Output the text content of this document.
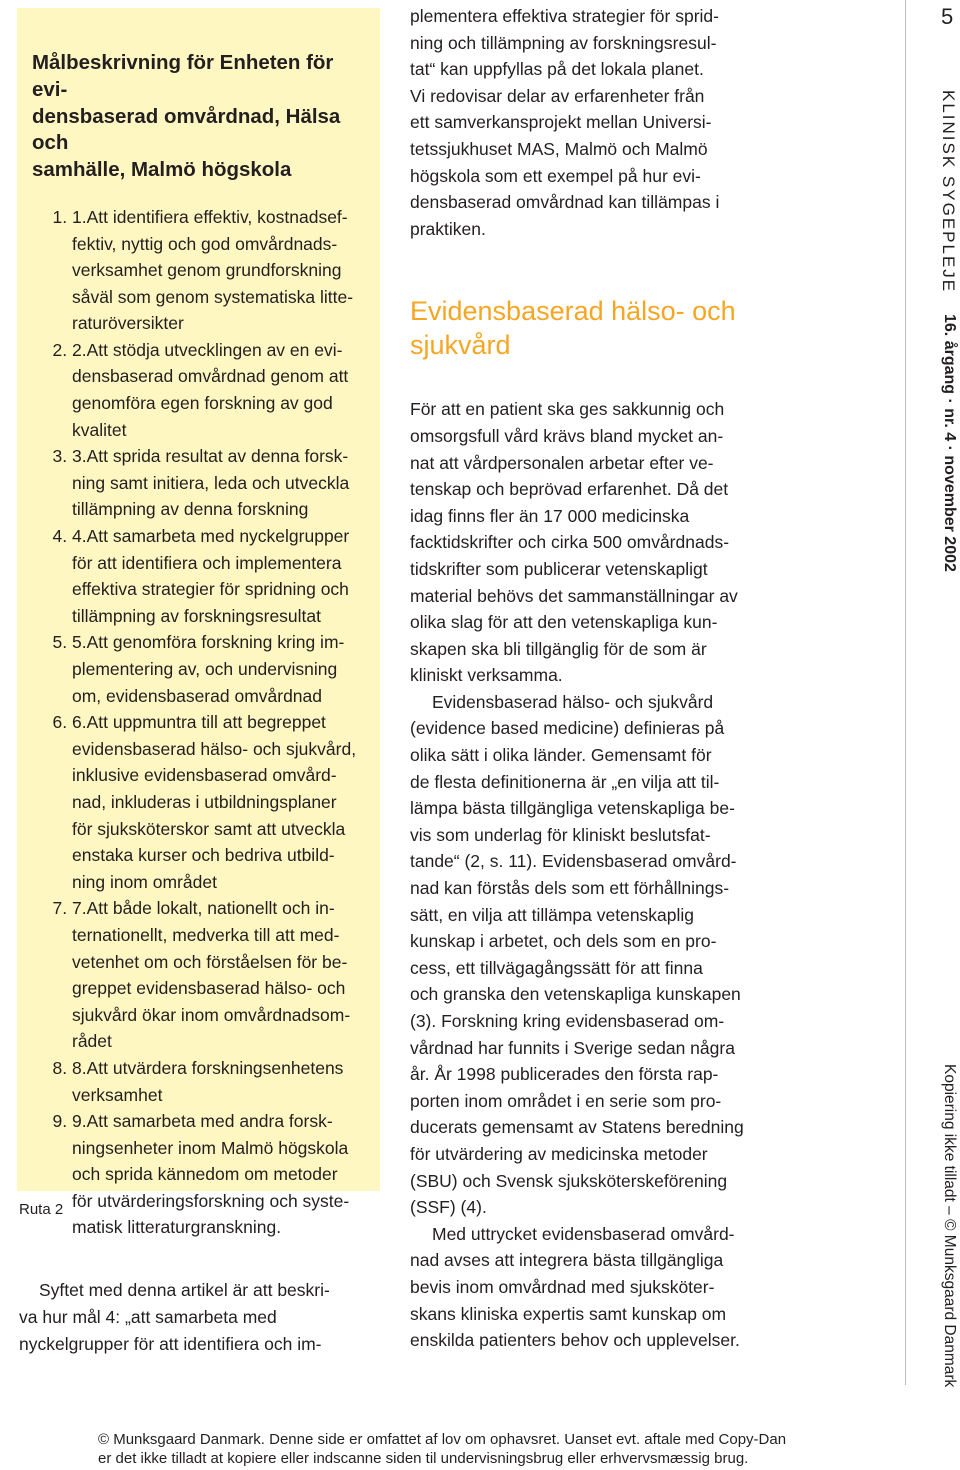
Målbeskrivning för Enheten för evi-
densbaserad omvårdnad, Hälsa och
samhälle, Malmö högskola
1. 1.Att identifiera effektiv, kostnadsef-
fektiv, nyttig och god omvårdnads-
verksamhet genom grundforskning
såväl som genom systematiska litte-
raturöversikter
2. 2.Att stödja utvecklingen av en evi-
densbaserad omvårdnad genom att
genomföra egen forskning av god
kvalitet
3. 3.Att sprida resultat av denna forsk-
ning samt initiera, leda och utveckla
tillämpning av denna forskning
4. 4.Att samarbeta med nyckelgrupper
för att identifiera och implementera
effektiva strategier för spridning och
tillämpning av forskningsresultat
5. 5.Att genomföra forskning kring im-
plementering av, och undervisning
om, evidensbaserad omvårdnad
6. 6.Att uppmuntra till att begreppet
evidensbaserad hälso- och sjukvård,
inklusive evidensbaserad omvård-
nad, inkluderas i utbildningsplaner
för sjuksköterskor samt att utveckla
enstaka kurser och bedriva utbild-
ning inom området
7. 7.Att både lokalt, nationellt och in-
ternationellt, medverka till att med-
vetenhet om och förståelsen för be-
greppet evidensbaserad hälso- och
sjukvård ökar inom omvårdnadsom-
rådet
8. 8.Att utvärdera forskningsenhetens
verksamhet
9. 9.Att samarbeta med andra forsk-
ningsenheter inom Malmö högskola
och sprida kännedom om metoder
för utvärderingsforskning och syste-
matisk litteraturgranskning.
Ruta 2
Syftet med denna artikel är att beskri-
va hur mål 4: „att samarbeta med
nyckelgrupper för att identifiera och im-

plementera effektiva strategier för sprid-
ning och tillämpning av forskningsresul-
tat“ kan uppfyllas på det lokala planet.
Vi redovisar delar av erfarenheter från
ett samverkansprojekt mellan Universi-
tetssjukhuset MAS, Malmö och Malmö
högskola som ett exempel på hur evi-
densbaserad omvårdnad kan tillämpas i
praktiken.

Evidensbaserad hälso- och
sjukvård

För att en patient ska ges sakkunnig och
omsorgsfull vård krävs bland mycket an-
nat att vårdpersonalen arbetar efter ve-
tenskap och beprövad erfarenhet. Då det
idag finns fler än 17 000 medicinska
facktidskrifter och cirka 500 omvårdnads-
tidskrifter som publicerar vetenskapligt
material behövs det sammanställningar av
olika slag för att den vetenskapliga kun-
skapen ska bli tillgänglig för de som är
kliniskt verksamma.

Evidensbaserad hälso- och sjukvård
(evidence based medicine) definieras på
olika sätt i olika länder. Gemensamt för
de flesta definitionerna är „en vilja att til-
lämpa bästa tillgängliga vetenskapliga be-
vis som underlag för kliniskt beslutsfat-
tande“ (2, s. 11). Evidensbaserad omvård-
nad kan förstås dels som ett förhållnings-
sätt, en vilja att tillämpa vetenskaplig
kunskap i arbetet, och dels som en pro-
cess, ett tillvägagångssätt för att finna
och granska den vetenskapliga kunskapen
(3). Forskning kring evidensbaserad om-
vårdnad har funnits i Sverige sedan några
år. År 1998 publicerades den första rap-
porten inom området i en serie som pro-
ducerats gemensamt av Statens beredning
för utvärdering av medicinska metoder
(SBU) och Svensk sjuksköterskeförening
(SSF) (4).

Med uttrycket evidensbaserad omvård-
nad avses att integrera bästa tillgängliga
bevis inom omvårdnad med sjuksköter-
skans kliniska expertis samt kunskap om
enskilda patienters behov och upplevelser.

5
KLINISK SYGEPLEJE
16. årgang · nr. 4 · november 2002
Kopiering ikke tilladt – © Munksgaard Danmark
© Munksgaard Danmark. Denne side er omfattet af lov om ophavsret. Uanset evt. aftale med Copy-Dan
er det ikke tilladt at kopiere eller indscanne siden til undervisningsbrug eller erhvervsmæssig brug.
